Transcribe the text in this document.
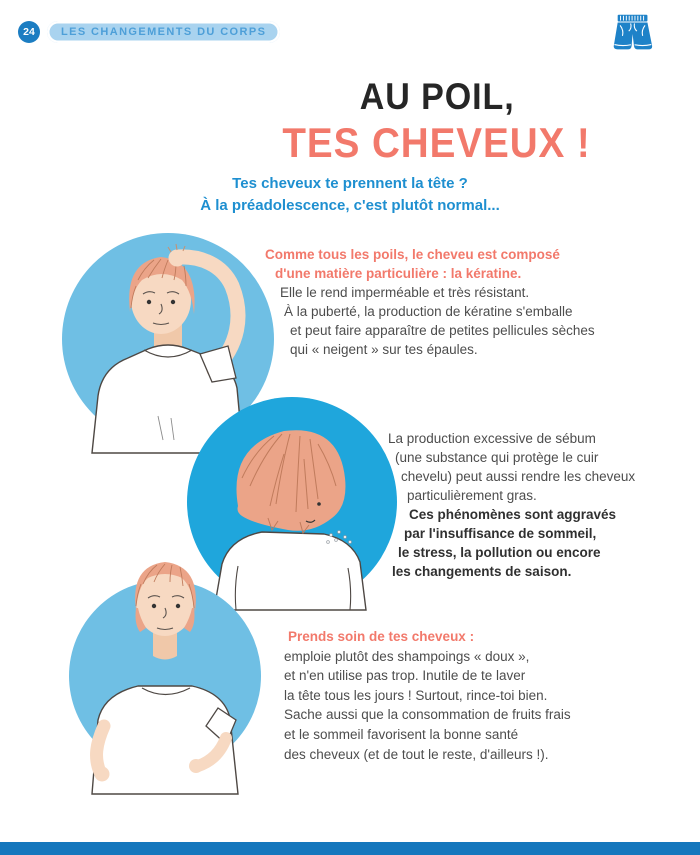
24	LES CHANGEMENTS DU CORPS
AU POIL,
TES CHEVEUX !
Tes cheveux te prennent la tête ?
À la préadolescence, c'est plutôt normal...
Comme tous les poils, le cheveu est composé
d'une matière particulière : la kératine.
Elle le rend imperméable et très résistant.
À la puberté, la production de kératine s'emballe
et peut faire apparaître de petites pellicules sèches
qui « neigent » sur tes épaules.
La production excessive de sébum
(une substance qui protège le cuir
chevelu) peut aussi rendre les cheveux
particulièrement gras.
Ces phénomènes sont aggravés
par l'insuffisance de sommeil,
le stress, la pollution ou encore
les changements de saison.
Prends soin de tes cheveux :
emploie plutôt des shampoings « doux »,
et n'en utilise pas trop. Inutile de te laver
la tête tous les jours ! Surtout, rince-toi bien.
Sache aussi que la consommation de fruits frais
et le sommeil favorisent la bonne santé
des cheveux (et de tout le reste, d'ailleurs !).
